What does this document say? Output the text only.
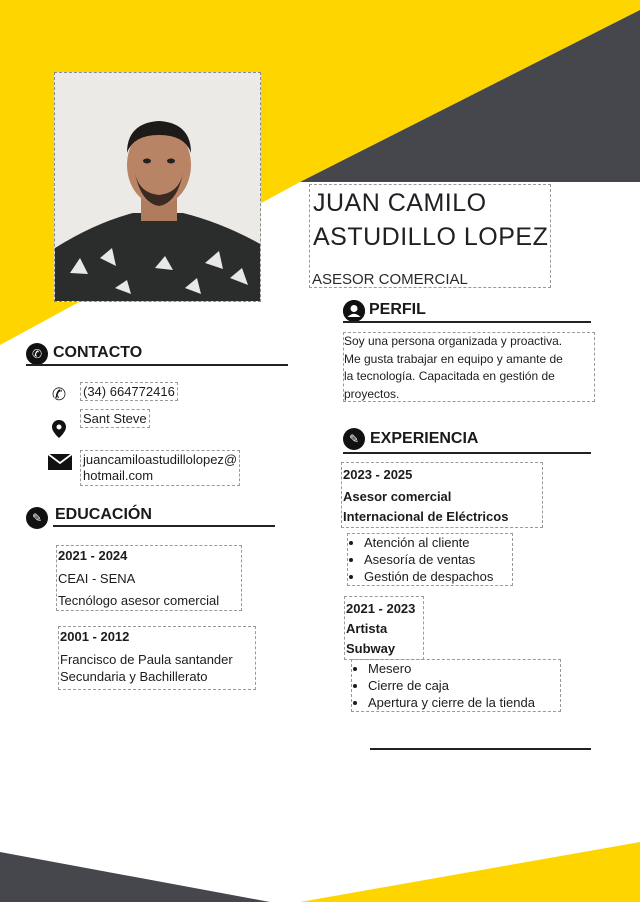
JUAN CAMILO
ASTUDILLO LOPEZ
ASESOR COMERCIAL
PERFIL
Soy una persona organizada y proactiva.
Me gusta trabajar en equipo y amante de
la tecnología. Capacitada en gestión de
proyectos.
✆ CONTACTO
✆ (34) 664772416
Sant Steve
juancamiloastudillolopez@
hotmail.com
✎ EDUCACIÓN
2021 - 2024
CEAI - SENA
Tecnólogo asesor comercial
2001 - 2012
Francisco de Paula santander
Secundaria y Bachillerato
✎ EXPERIENCIA
2023 - 2025
Asesor comercial
Internacional de Eléctricos
• Atención al cliente
• Asesoría de ventas
• Gestión de despachos
2021 - 2023
Artista
Subway
• Mesero
• Cierre de caja
• Apertura y cierre de la tienda
